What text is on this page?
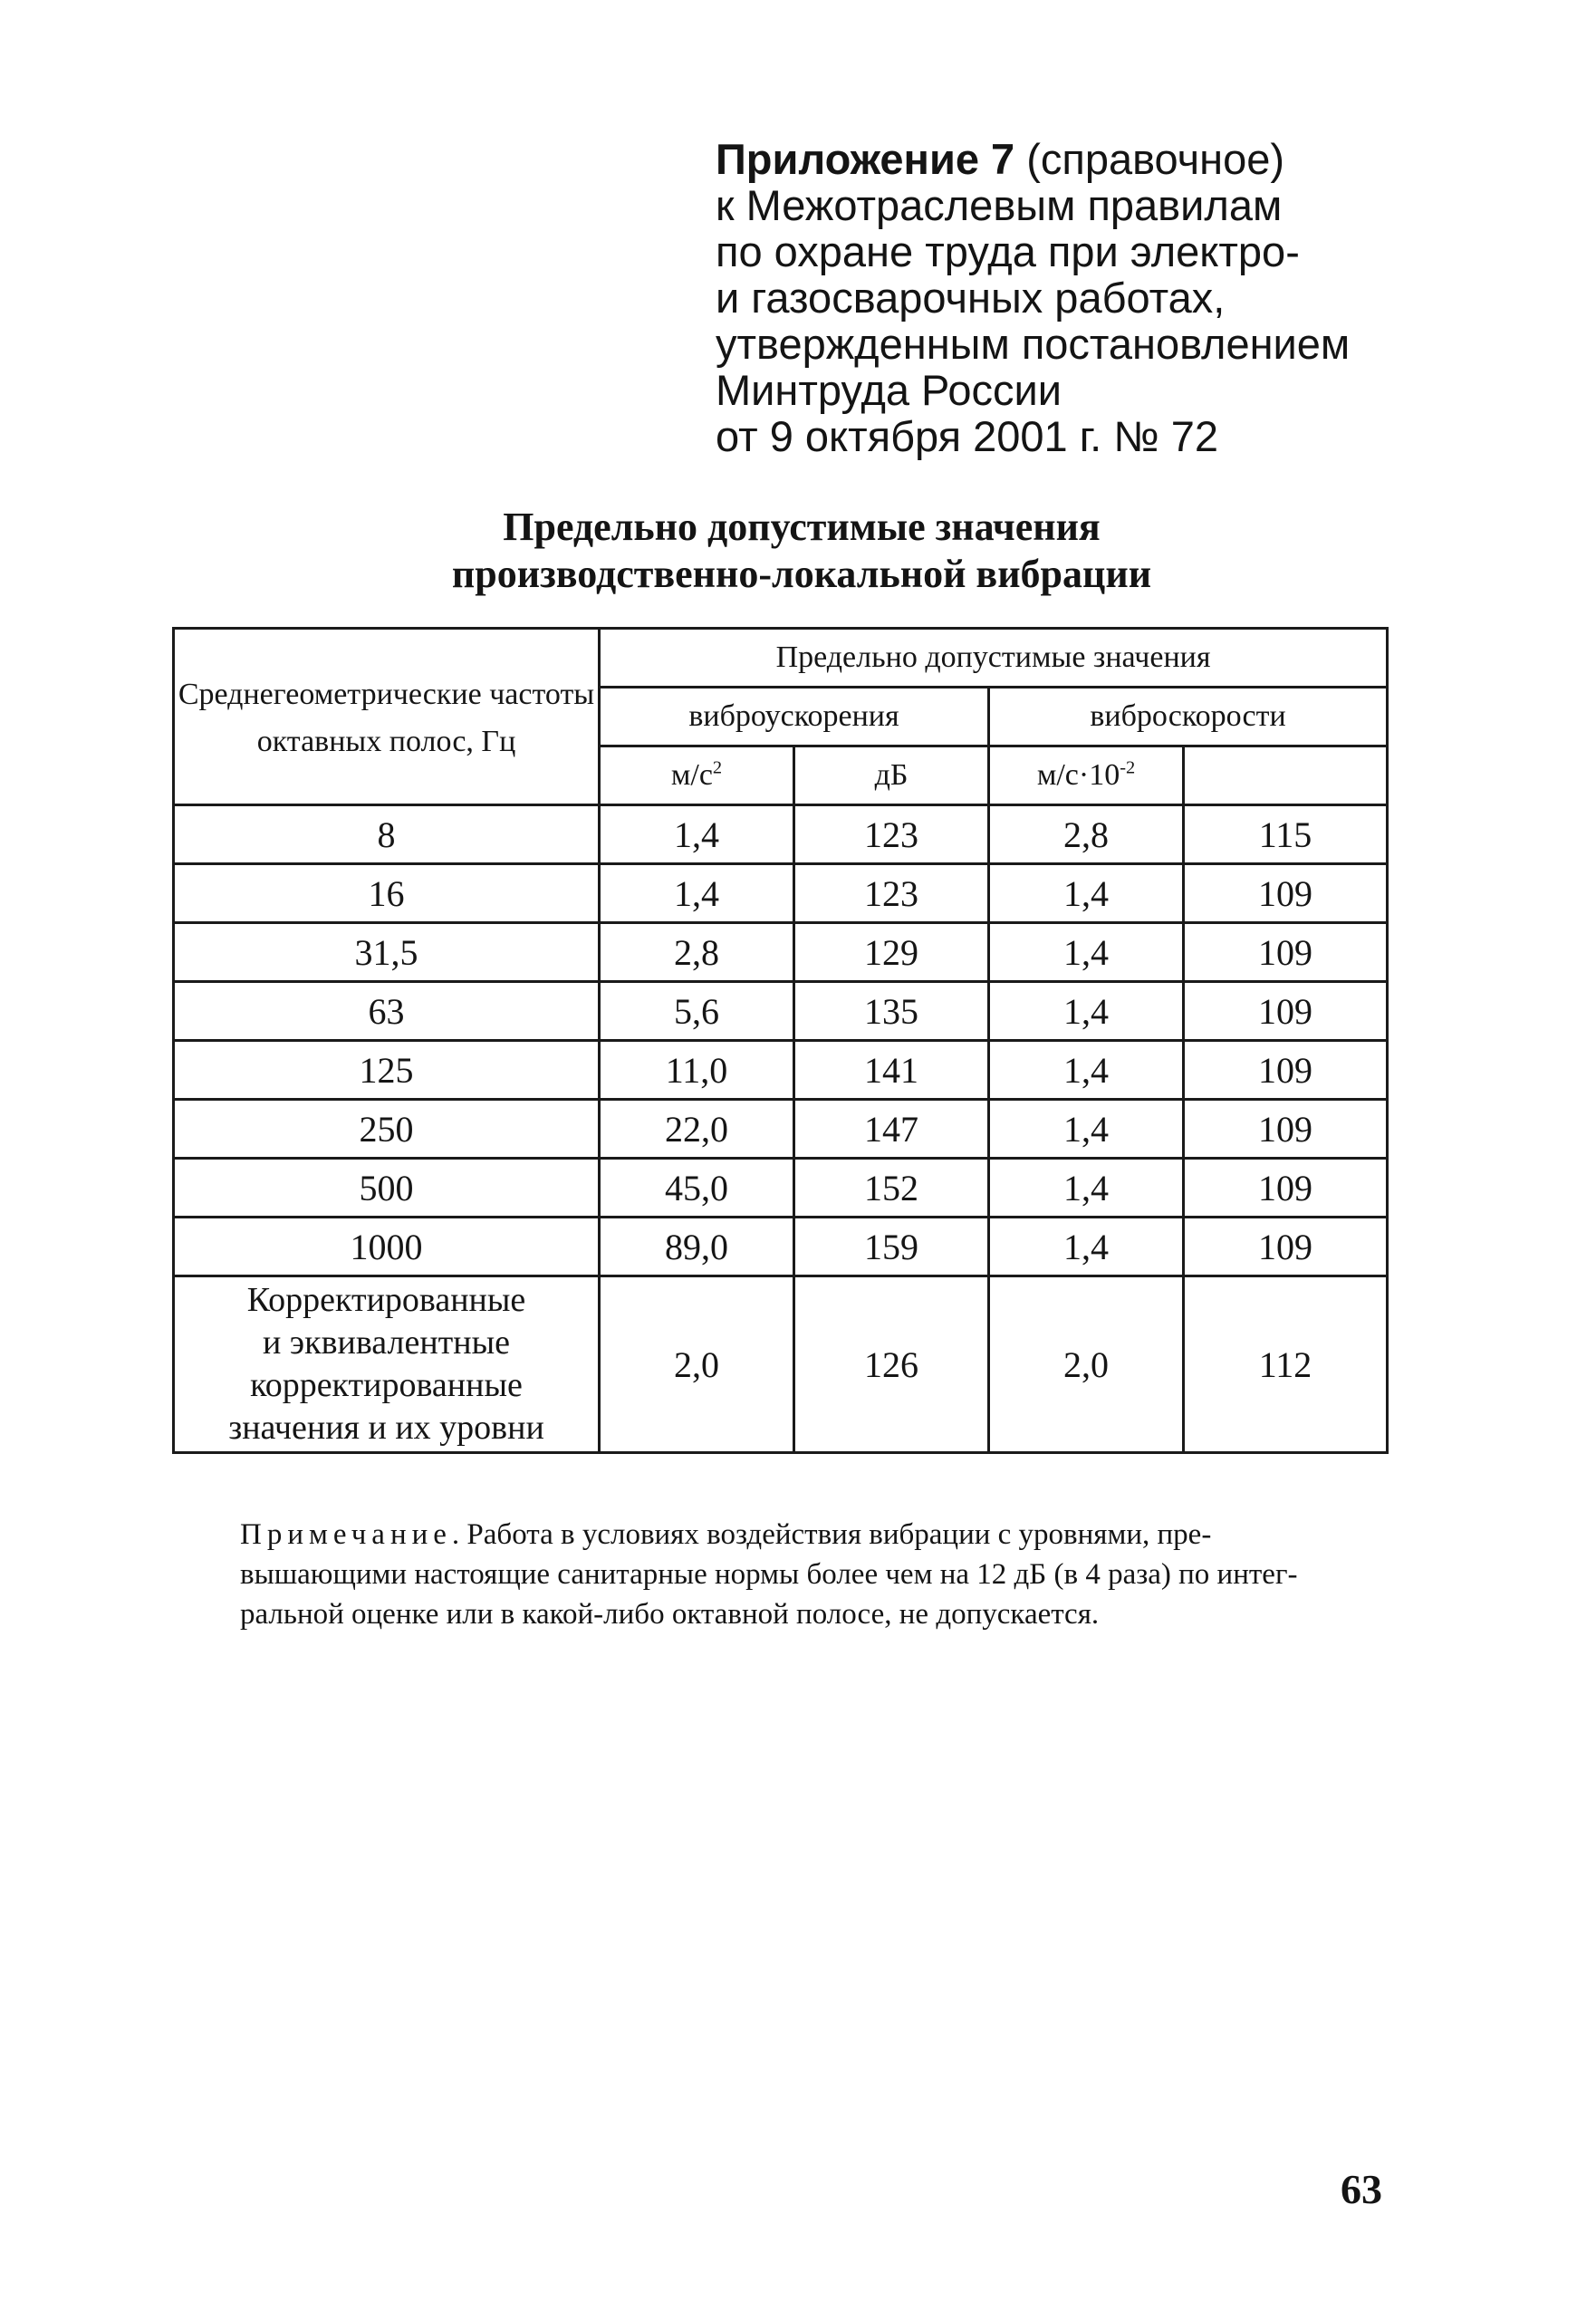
Приложение 7 (справочное)
к Межотраслевым правилам
по охране труда при электро-
и газосварочных работах,
утвержденным постановлением
Минтруда России
от 9 октября 2001 г. № 72
Предельно допустимые значения
производственно-локальной вибрации
Среднегеометрические частоты октавных полос, Гц	Предельно допустимые значения			
	виброускорения		виброскорости	
	$м/с^2$	дБ	$м/с\cdot 10^{-2}$	
8	1,4	123	2,8	115
16	1,4	123	1,4	109
31,5	2,8	129	1,4	109
63	5,6	135	1,4	109
125	11,0	141	1,4	109
250	22,0	147	1,4	109
500	45,0	152	1,4	109
1000	89,0	159	1,4	109

Корректированные
и эквивалентные
корректированные
значения и их уровни	2,0	126	2,0	112
Примечание. Работа в условиях воздействия вибрации с уровнями, пре-
вышающими настоящие санитарные нормы более чем на 12 дБ (в 4 раза) по интег-
ральной оценке или в какой-либо октавной полосе, не допускается.
63
